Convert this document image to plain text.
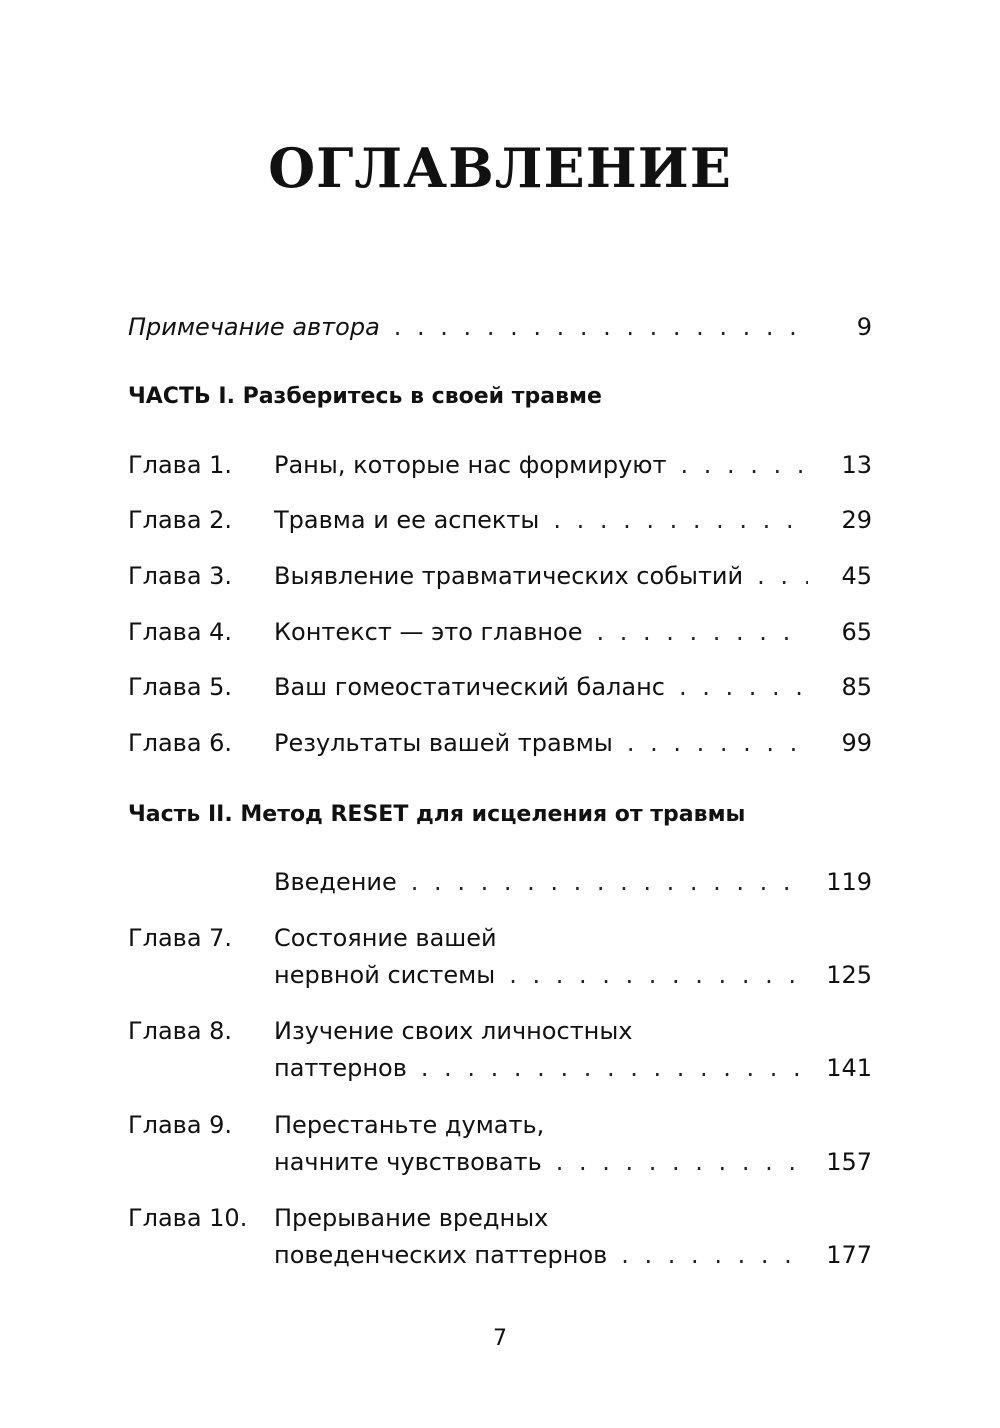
ОГЛАВЛЕНИЕ
Примечание автора . . .	9
ЧАСТЬ I. Разберитесь в своей травме
Глава 1. Раны, которые нас формируют . . .	13
Глава 2. Травма и ее аспекты . . .	29
Глава 3. Выявление травматических событий . . .	45
Глава 4. Контекст — это главное . . .	65
Глава 5. Ваш гомеостатический баланс . . .	85
Глава 6. Результаты вашей травмы . . .	99
Часть II. Метод RESET для исцеления от травмы
Введение . . .	119
Глава 7. Состояние вашей
нервной системы . . .	125
Глава 8. Изучение своих личностных
паттернов . . .	141
Глава 9. Перестаньте думать,
начните чувствовать . . .	157
Глава 10. Прерывание вредных
поведенческих паттернов . . .	177
7
